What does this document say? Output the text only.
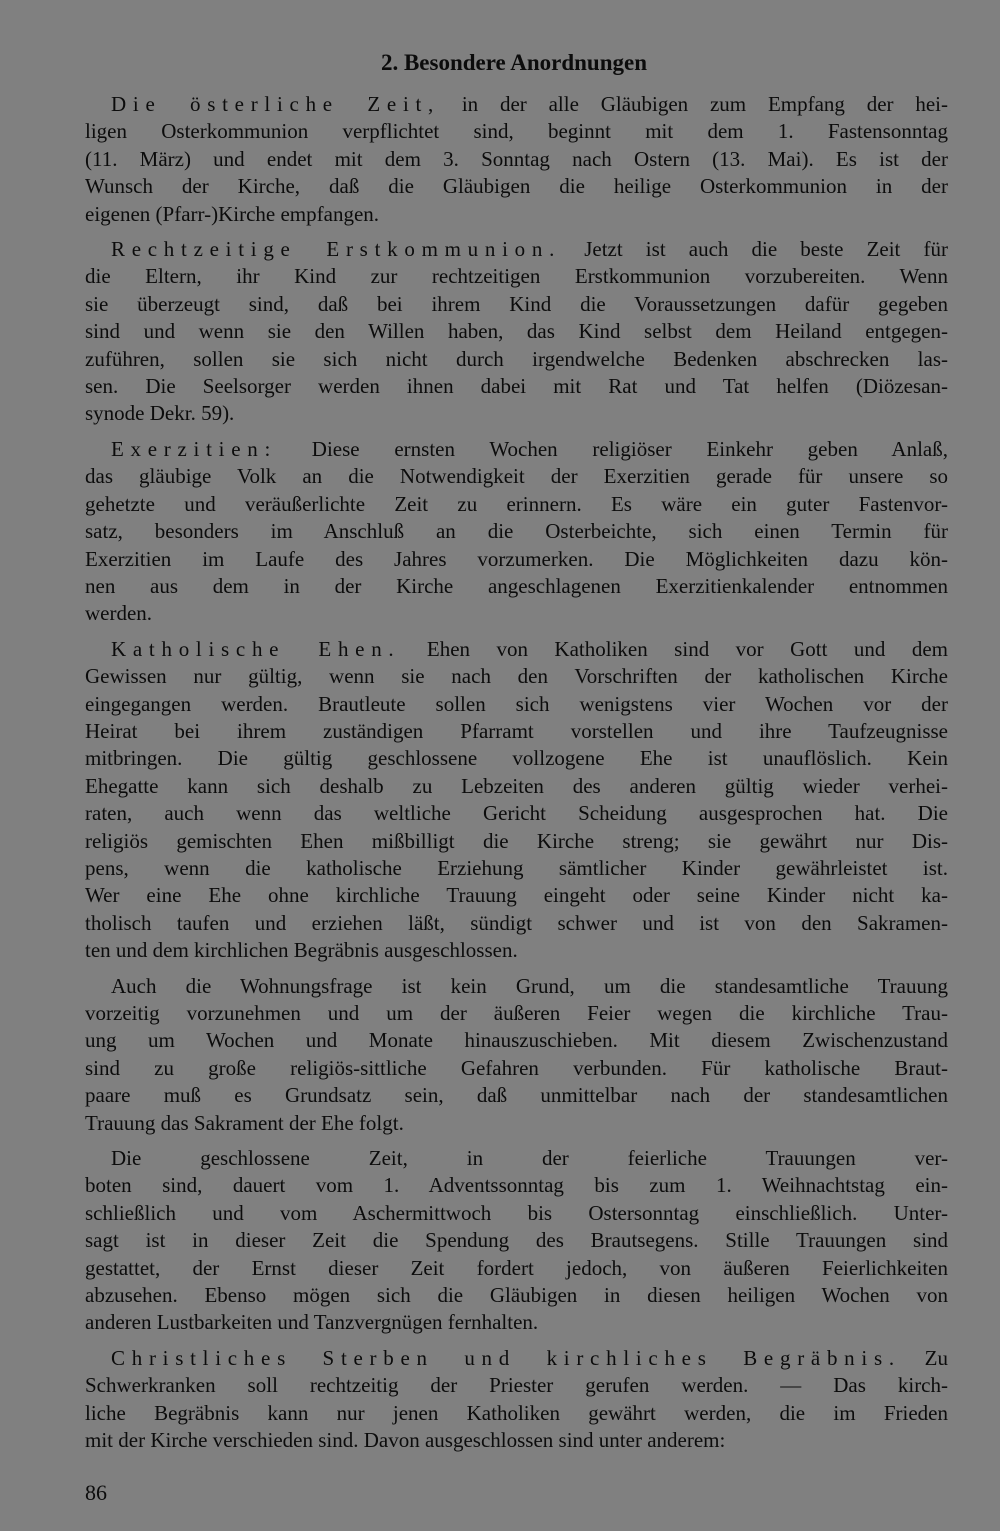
2. Besondere Anordnungen
Die österliche Zeit, in der alle Gläubigen zum Empfang der hei-
ligen Osterkommunion verpflichtet sind, beginnt mit dem 1. Fastensonntag
(11. März) und endet mit dem 3. Sonntag nach Ostern (13. Mai). Es ist der
Wunsch der Kirche, daß die Gläubigen die heilige Osterkommunion in der
eigenen (Pfarr-)Kirche empfangen.
Rechtzeitige Erstkommunion. Jetzt ist auch die beste Zeit für
die Eltern, ihr Kind zur rechtzeitigen Erstkommunion vorzubereiten. Wenn
sie überzeugt sind, daß bei ihrem Kind die Voraussetzungen dafür gegeben
sind und wenn sie den Willen haben, das Kind selbst dem Heiland entgegen-
zuführen, sollen sie sich nicht durch irgendwelche Bedenken abschrecken las-
sen. Die Seelsorger werden ihnen dabei mit Rat und Tat helfen (Diözesan-
synode Dekr. 59).
Exerzitien: Diese ernsten Wochen religiöser Einkehr geben Anlaß,
das gläubige Volk an die Notwendigkeit der Exerzitien gerade für unsere so
gehetzte und veräußerlichte Zeit zu erinnern. Es wäre ein guter Fastenvor-
satz, besonders im Anschluß an die Osterbeichte, sich einen Termin für
Exerzitien im Laufe des Jahres vorzumerken. Die Möglichkeiten dazu kön-
nen aus dem in der Kirche angeschlagenen Exerzitienkalender entnommen
werden.
Katholische Ehen. Ehen von Katholiken sind vor Gott und dem
Gewissen nur gültig, wenn sie nach den Vorschriften der katholischen Kirche
eingegangen werden. Brautleute sollen sich wenigstens vier Wochen vor der
Heirat bei ihrem zuständigen Pfarramt vorstellen und ihre Taufzeugnisse
mitbringen. Die gültig geschlossene vollzogene Ehe ist unauflöslich. Kein
Ehegatte kann sich deshalb zu Lebzeiten des anderen gültig wieder verhei-
raten, auch wenn das weltliche Gericht Scheidung ausgesprochen hat. Die
religiös gemischten Ehen mißbilligt die Kirche streng; sie gewährt nur Dis-
pens, wenn die katholische Erziehung sämtlicher Kinder gewährleistet ist.
Wer eine Ehe ohne kirchliche Trauung eingeht oder seine Kinder nicht ka-
tholisch taufen und erziehen läßt, sündigt schwer und ist von den Sakramen-
ten und dem kirchlichen Begräbnis ausgeschlossen.
Auch die Wohnungsfrage ist kein Grund, um die standesamtliche Trauung
vorzeitig vorzunehmen und um der äußeren Feier wegen die kirchliche Trau-
ung um Wochen und Monate hinauszuschieben. Mit diesem Zwischenzustand
sind zu große religiös-sittliche Gefahren verbunden. Für katholische Braut-
paare muß es Grundsatz sein, daß unmittelbar nach der standesamtlichen
Trauung das Sakrament der Ehe folgt.
Die geschlossene Zeit, in der feierliche Trauungen ver-
boten sind, dauert vom 1. Adventssonntag bis zum 1. Weihnachtstag ein-
schließlich und vom Aschermittwoch bis Ostersonntag einschließlich. Unter-
sagt ist in dieser Zeit die Spendung des Brautsegens. Stille Trauungen sind
gestattet, der Ernst dieser Zeit fordert jedoch, von äußeren Feierlichkeiten
abzusehen. Ebenso mögen sich die Gläubigen in diesen heiligen Wochen von
anderen Lustbarkeiten und Tanzvergnügen fernhalten.
Christliches Sterben und kirchliches Begräbnis. Zu
Schwerkranken soll rechtzeitig der Priester gerufen werden. — Das kirch-
liche Begräbnis kann nur jenen Katholiken gewährt werden, die im Frieden
mit der Kirche verschieden sind. Davon ausgeschlossen sind unter anderem:
86
